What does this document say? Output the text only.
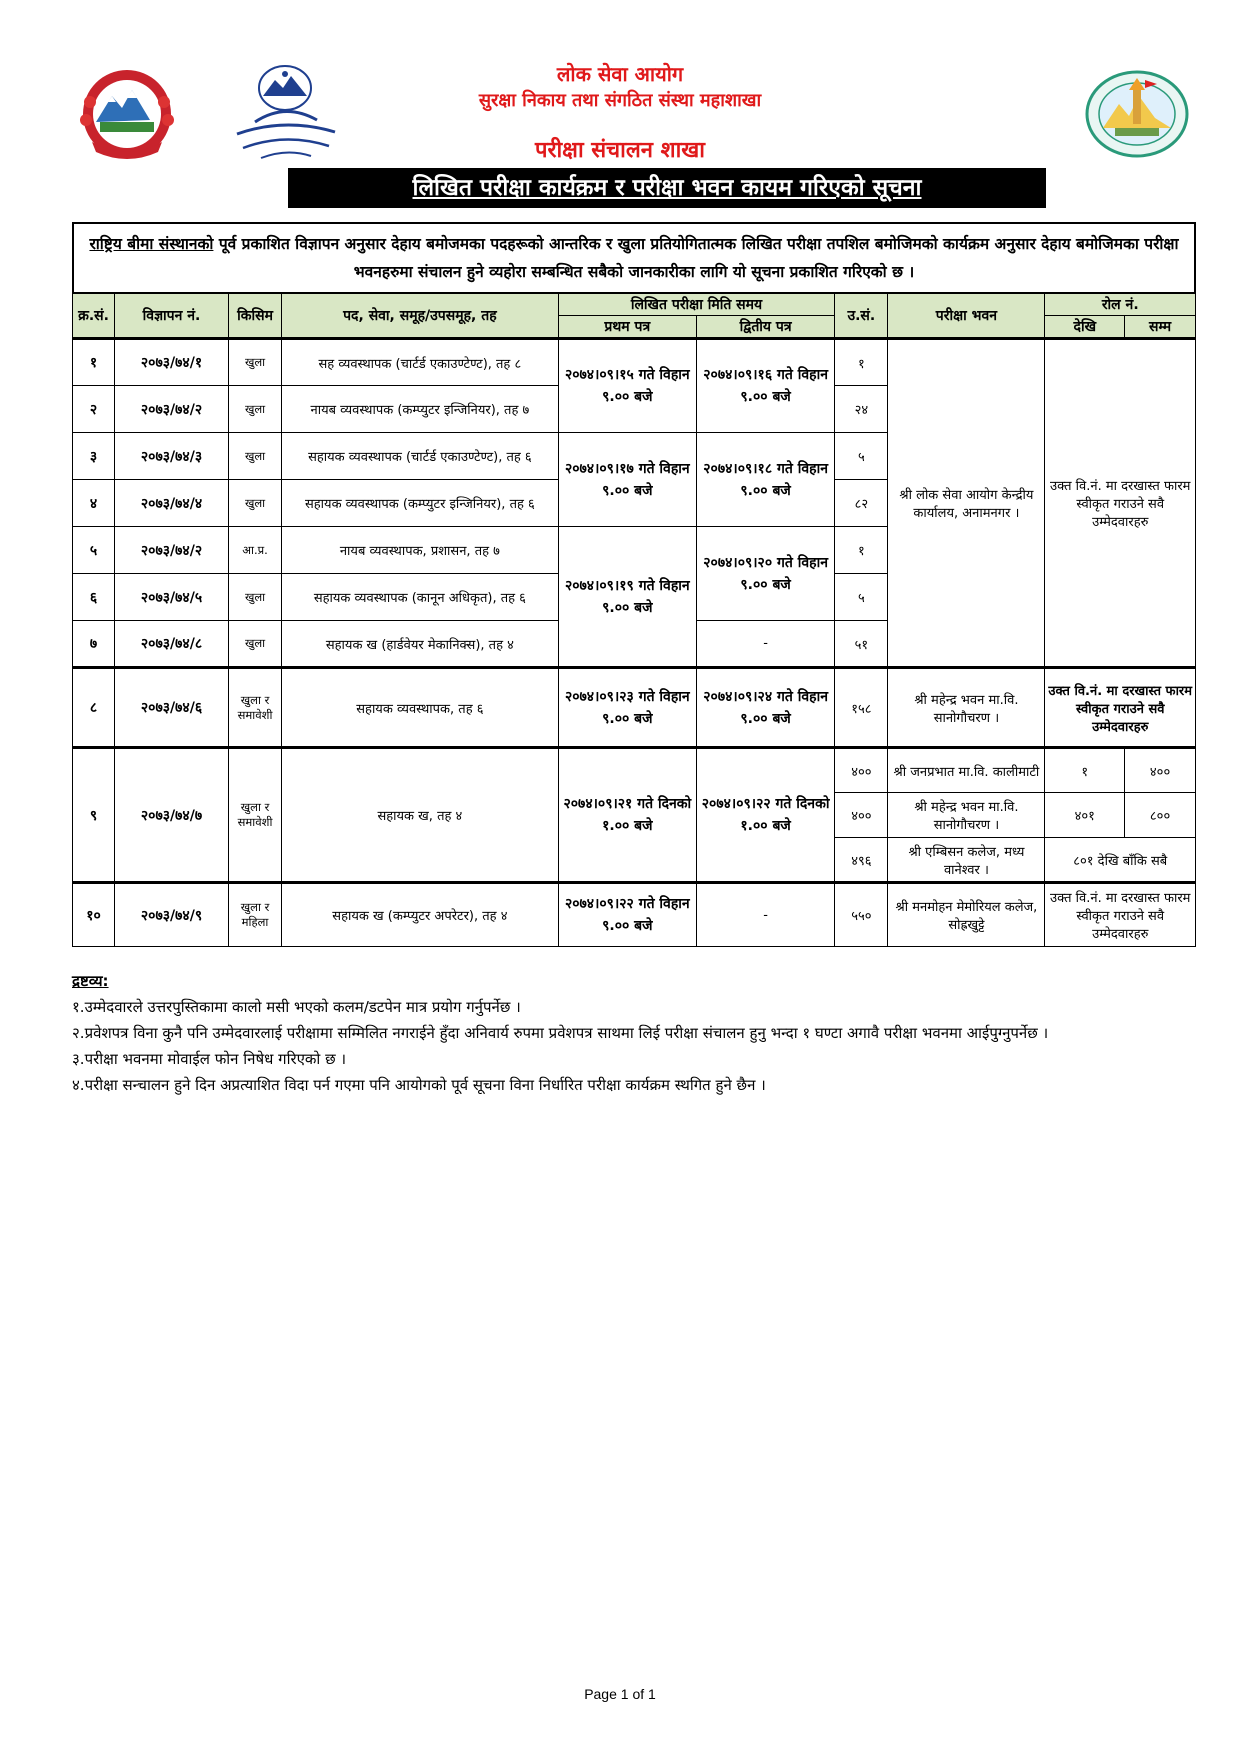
लोक सेवा आयोग
सुरक्षा निकाय तथा संगठित संस्था महाशाखा
परीक्षा संचालन शाखा
लिखित परीक्षा कार्यक्रम र परीक्षा भवन कायम गरिएको सूचना
राष्ट्रिय बीमा संस्थानको पूर्व प्रकाशित विज्ञापन अनुसार देहाय बमोजमका पदहरूको आन्तरिक र खुला प्रतियोगितात्मक लिखित परीक्षा तपशिल बमोजिमको कार्यक्रम अनुसार देहाय बमोजिमका परीक्षा भवनहरुमा संचालन हुने व्यहोरा सम्बन्धित सबैको जानकारीका लागि यो सूचना प्रकाशित गरिएको छ ।
क्र.सं.	विज्ञापन नं.	किसिम	पद, सेवा, समूह/उपसमूह, तह	लिखित परीक्षा मिति समय		उ.सं.	परीक्षा भवन	रोल नं.	
				प्रथम पत्र	द्वितीय पत्र			देखि	सम्म
१	२०७३/७४/१	खुला	सह व्यवस्थापक (चार्टर्ड एकाउण्टेण्ट), तह ८	२०७४।०९।१५ गते विहान ९.०० बजे	२०७४।०९।१६ गते विहान ९.०० बजे	१	श्री लोक सेवा आयोग केन्द्रीय कार्यालय, अनामनगर ।	उक्त वि.नं. मा दरखास्त फारम स्वीकृत गराउने सवै उम्मेदवारहरु	
२	२०७३/७४/२	खुला	नायब व्यवस्थापक (कम्प्युटर इन्जिनियर), तह ७			२४			
३	२०७३/७४/३	खुला	सहायक व्यवस्थापक (चार्टर्ड एकाउण्टेण्ट), तह ६	२०७४।०९।१७ गते विहान ९.०० बजे	२०७४।०९।१८ गते विहान ९.०० बजे	५			
४	२०७३/७४/४	खुला	सहायक व्यवस्थापक (कम्प्युटर इन्जिनियर), तह ६			८२			
५	२०७३/७४/२	आ.प्र.	नायब व्यवस्थापक, प्रशासन, तह ७	२०७४।०९।१९ गते विहान ९.०० बजे	२०७४।०९।२० गते विहान ९.०० बजे	१			
६	२०७३/७४/५	खुला	सहायक व्यवस्थापक (कानून अधिकृत), तह ६			५			
७	२०७३/७४/८	खुला	सहायक ख (हार्डवेयर मेकानिक्स), तह ४		-	५१			
८	२०७३/७४/६	खुला र समावेशी	सहायक व्यवस्थापक, तह ६	२०७४।०९।२३ गते विहान ९.०० बजे	२०७४।०९।२४ गते विहान ९.०० बजे	१५८	श्री महेन्द्र भवन मा.वि. सानोगौचरण ।	उक्त वि.नं. मा दरखास्त फारम स्वीकृत गराउने सवै उम्मेदवारहरु	
९	२०७३/७४/७	खुला र समावेशी	सहायक ख, तह ४	२०७४।०९।२१ गते दिनको १.०० बजे	२०७४।०९।२२ गते दिनको १.०० बजे	४००	श्री जनप्रभात मा.वि. कालीमाटी	१	४००
						४००	श्री महेन्द्र भवन मा.वि. सानोगौचरण ।	४०१	८००
						४९६	श्री एम्बिसन कलेज, मध्य वानेश्वर ।	८०१ देखि बाँकि सबै	
१०	२०७३/७४/९	खुला र महिला	सहायक ख (कम्प्युटर अपरेटर), तह ४	२०७४।०९।२२ गते विहान ९.०० बजे	-	५५०	श्री मनमोहन मेमोरियल कलेज, सोह्रखुट्टे	उक्त वि.नं. मा दरखास्त फारम स्वीकृत गराउने सवै उम्मेदवारहरु	
द्रष्टव्य:
१.उम्मेदवारले उत्तरपुस्तिकामा कालो मसी भएको कलम/डटपेन मात्र प्रयोग गर्नुपर्नेछ ।
२.प्रवेशपत्र विना कुनै पनि उम्मेदवारलाई परीक्षामा सम्मिलित नगराईने हुँदा अनिवार्य रुपमा प्रवेशपत्र साथमा लिई परीक्षा संचालन हुनु भन्दा १ घण्टा अगावै परीक्षा भवनमा आईपुग्नुपर्नेछ ।
३.परीक्षा भवनमा मोवाईल फोन निषेध गरिएको छ ।
४.परीक्षा सन्चालन हुने दिन अप्रत्याशित विदा पर्न गएमा पनि आयोगको पूर्व सूचना विना निर्धारित परीक्षा कार्यक्रम स्थगित हुने छैन ।
Page 1 of 1
